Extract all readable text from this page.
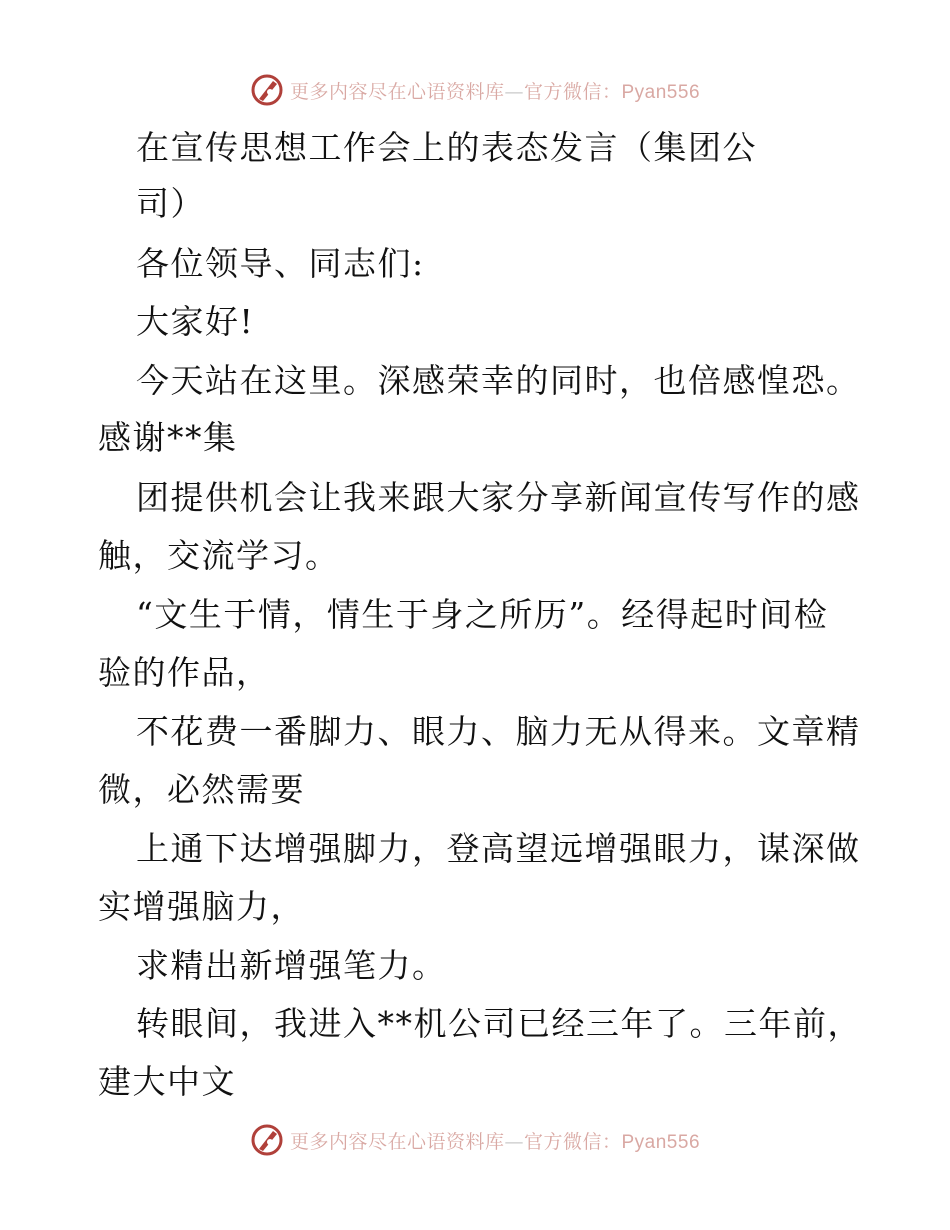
更多内容尽在心语资料库—官方微信：Pyan556
在宣传思想工作会上的表态发言（集团公
司）
各位领导、同志们:
大家好!
今天站在这里。深感荣幸的同时，也倍感惶恐。
感谢**集
团提供机会让我来跟大家分享新闻宣传写作的感
触，交流学习。
“文生于情，情生于身之所历”。经得起时间检
验的作品，
不花费一番脚力、眼力、脑力无从得来。文章精
微，必然需要
上通下达增强脚力，登高望远增强眼力，谋深做
实增强脑力，
求精出新增强笔力。
转眼间，我进入**机公司已经三年了。三年前，
建大中文
更多内容尽在心语资料库—官方微信：Pyan556
